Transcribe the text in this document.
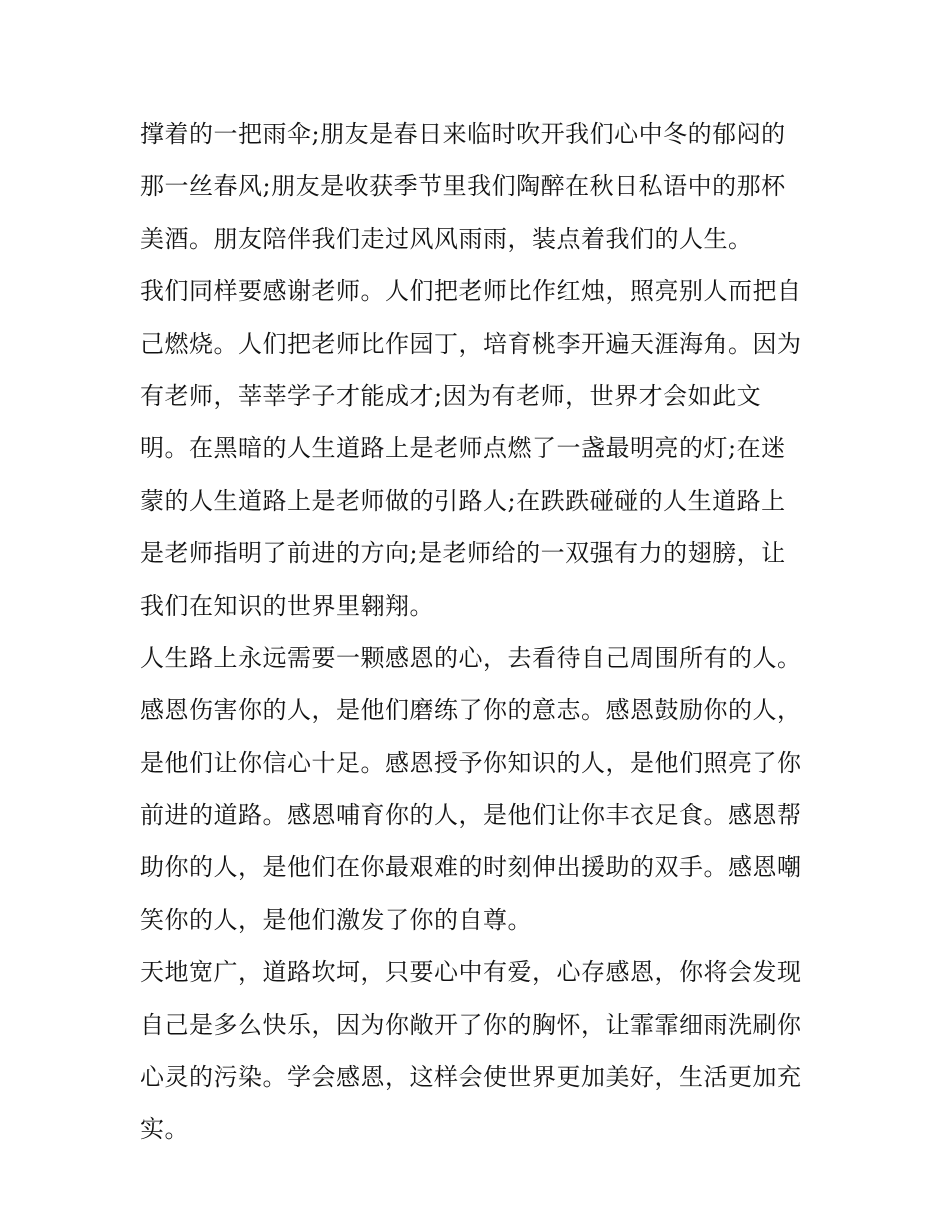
撑着的一把雨伞;朋友是春日来临时吹开我们心中冬的郁闷的
那一丝春风;朋友是收获季节里我们陶醉在秋日私语中的那杯
美酒。朋友陪伴我们走过风风雨雨，装点着我们的人生。
我们同样要感谢老师。人们把老师比作红烛，照亮别人而把自
己燃烧。人们把老师比作园丁，培育桃李开遍天涯海角。因为
有老师，莘莘学子才能成才;因为有老师，世界才会如此文
明。在黑暗的人生道路上是老师点燃了一盏最明亮的灯;在迷
蒙的人生道路上是老师做的引路人;在跌跌碰碰的人生道路上
是老师指明了前进的方向;是老师给的一双强有力的翅膀，让
我们在知识的世界里翱翔。
人生路上永远需要一颗感恩的心，去看待自己周围所有的人。
感恩伤害你的人，是他们磨练了你的意志。感恩鼓励你的人，
是他们让你信心十足。感恩授予你知识的人，是他们照亮了你
前进的道路。感恩哺育你的人，是他们让你丰衣足食。感恩帮
助你的人，是他们在你最艰难的时刻伸出援助的双手。感恩嘲
笑你的人，是他们激发了你的自尊。
天地宽广，道路坎坷，只要心中有爱，心存感恩，你将会发现
自己是多么快乐，因为你敞开了你的胸怀，让霏霏细雨洗刷你
心灵的污染。学会感恩，这样会使世界更加美好，生活更加充
实。
